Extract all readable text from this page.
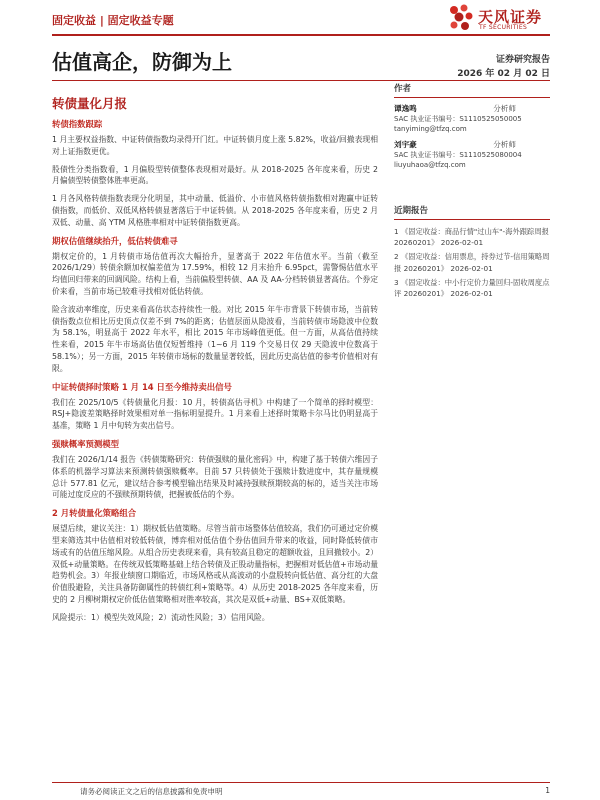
固定收益 | 固定收益专题	天风证券
TF SECURITIES
估值高企，防御为上	证券研究报告
2026 年 02 月 02 日
转债量化月报
转债指数跟踪

1 月主要权益指数、中证转债指数均录得开门红。中证转债月度上涨 5.82%，收益/回撤表现相对上证指数更优。

股债性分类指数看，1 月偏股型转债整体表现相对最好。从 2018-2025 各年度来看，历史 2 月偏债型转债整体胜率更高。

1 月各风格转债指数表现分化明显，其中动量、低溢价、小市值风格转债指数相对跑赢中证转债指数，而低价、双低风格转债显著落后于中证转债。从 2018-2025 各年度来看，历史 2 月双低、动量、高 YTM 风格胜率相对中证转债指数更高。

期权估值继续抬升，低估转债难寻

期权定价的，1 月转债市场估值再次大幅抬升，显著高于 2022 年估值水平。当前（截至 2026/1/29）转债余额加权偏差值为 17.59%，相较 12 月末抬升 6.95pct，需警惕估值水平均值回归带来的回调风险。结构上看，当前偏股型转债、AA 及 AA-分档转债显著高估。个券定价来看，当前市场已较难寻找相对低估转债。

险含波动率维度，历史来看高估状态持续性一般。对比 2015 年牛市背景下转债市场，当前转债指数点位相比历史顶点仅差不到 7%的距离；估值层面从隐波看，当前转债市场隐波中位数为 58.1%，明显高于 2022 年水平，相比 2015 年市场峰值更低。但一方面，从高估值持续性来看，2015 年牛市场高估值仅短暂维持（1~6 月 119 个交易日仅 29 天隐波中位数高于 58.1%）；另一方面，2015 年转债市场标的数量显著较低，因此历史高估值的参考价值相对有限。

中证转债择时策略 1 月 14 日至今维持卖出信号

我们在 2025/10/5《转债量化月报：10 月，转债高估寻机》中构建了一个简单的择时模型：RSJ+隐波差策略择时效果相对单一指标明显提升。1 月来看上述择时策略卡尔马比仍明显高于基准，策略 1 月中旬转为卖出信号。

强赎概率预测模型

我们在 2026/1/14 报告《转债策略研究：转债强赎的量化密码》中，构建了基于转债六维因子体系的机器学习算法来预测转债强赎概率。目前 57 只转债处于强赎计数进度中，其存量规模总计 577.81 亿元，建议结合参考模型输出结果及时减持强赎预期较高的标的，适当关注市场可能过度反应的不强赎预期转债，把握被低估的个券。

2 月转债量化策略组合

展望后续，建议关注：1）期权低估值策略。尽管当前市场整体估值较高，我们仍可通过定价模型来筛选其中估值相对较低转债，博弈相对低估值个券估值回升带来的收益，同时降低转债市场或有的估值压缩风险。从组合历史表现来看，具有较高且稳定的超额收益，且回撤较小。2）双低+动量策略。在传统双低策略基础上结合转债及正股动量指标，把握相对低估值+市场动量趋势机会。3）年报业绩窗口期临近，市场风格或从高波动的小盘股转向低估值、高分红的大盘价值股避险，关注具备防御属性的转债红利+策略等。4）从历史 2018-2025 各年度来看，历史的 2 月柳树期权定价低估值策略相对胜率较高，其次是双低+动量、BS+双低策略。

风险提示：1）模型失效风险；2）流动性风险；3）信用风险。

作者
谭逸鸣	分析师
SAC 执业证书编号：S1110525050005
tanyiming@tfzq.com
刘宇豪	分析师
SAC 执业证书编号：S1110525080004
liuyuhaoa@tfzq.com
近期报告
1 《固定收益：商品行情"过山车"-海外跟踪周报 20260201》 2026-02-01
2 《固定收益：信用票息，持券过节-信用策略周报 20260201》 2026-02-01
3 《固定收益：中小行定价力量回归-固收周度点评 20260201》 2026-02-01
请务必阅读正文之后的信息披露和免责申明	1
